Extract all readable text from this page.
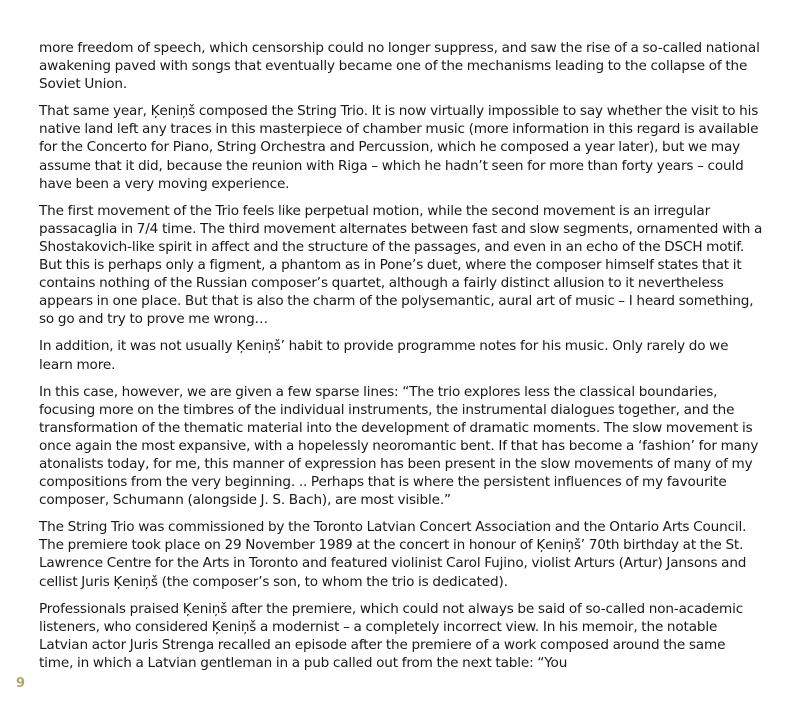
more freedom of speech, which censorship could no longer suppress, and saw the rise of a so-called national awakening paved with songs that eventually became one of the mechanisms leading to the collapse of the Soviet Union.

That same year, Ķeniņš composed the String Trio. It is now virtually impossible to say whether the visit to his native land left any traces in this masterpiece of chamber music (more information in this regard is available for the Concerto for Piano, String Orchestra and Percussion, which he composed a year later), but we may assume that it did, because the reunion with Riga – which he hadn’t seen for more than forty years – could have been a very moving experience.

The first movement of the Trio feels like perpetual motion, while the second movement is an irregular passacaglia in 7/4 time. The third movement alternates between fast and slow segments, ornamented with a Shostakovich-like spirit in affect and the structure of the passages, and even in an echo of the DSCH motif. But this is perhaps only a figment, a phantom as in Pone’s duet, where the composer himself states that it contains nothing of the Russian composer’s quartet, although a fairly distinct allusion to it nevertheless appears in one place. But that is also the charm of the polysemantic, aural art of music – I heard something, so go and try to prove me wrong…

In addition, it was not usually Ķeniņš’ habit to provide programme notes for his music. Only rarely do we learn more.

In this case, however, we are given a few sparse lines: “The trio explores less the classical boundaries, focusing more on the timbres of the individual instruments, the instrumental dialogues together, and the transformation of the thematic material into the development of dramatic moments. The slow movement is once again the most expansive, with a hopelessly neoromantic bent. If that has become a ‘fashion’ for many atonalists today, for me, this manner of expression has been present in the slow movements of many of my compositions from the very beginning. .. Perhaps that is where the persistent influences of my favourite composer, Schumann (alongside J. S. Bach), are most visible.”

The String Trio was commissioned by the Toronto Latvian Concert Association and the Ontario Arts Council. The premiere took place on 29 November 1989 at the concert in honour of Ķeniņš’ 70th birthday at the St. Lawrence Centre for the Arts in Toronto and featured violinist Carol Fujino, violist Arturs (Artur) Jansons and cellist Juris Ķeniņš (the composer’s son, to whom the trio is dedicated).

Professionals praised Ķeniņš after the premiere, which could not always be said of so-called non-academic listeners, who considered Ķeniņš a modernist – a completely incorrect view. In his memoir, the notable Latvian actor Juris Strenga recalled an episode after the premiere of a work composed around the same time, in which a Latvian gentleman in a pub called out from the next table: “You

9
